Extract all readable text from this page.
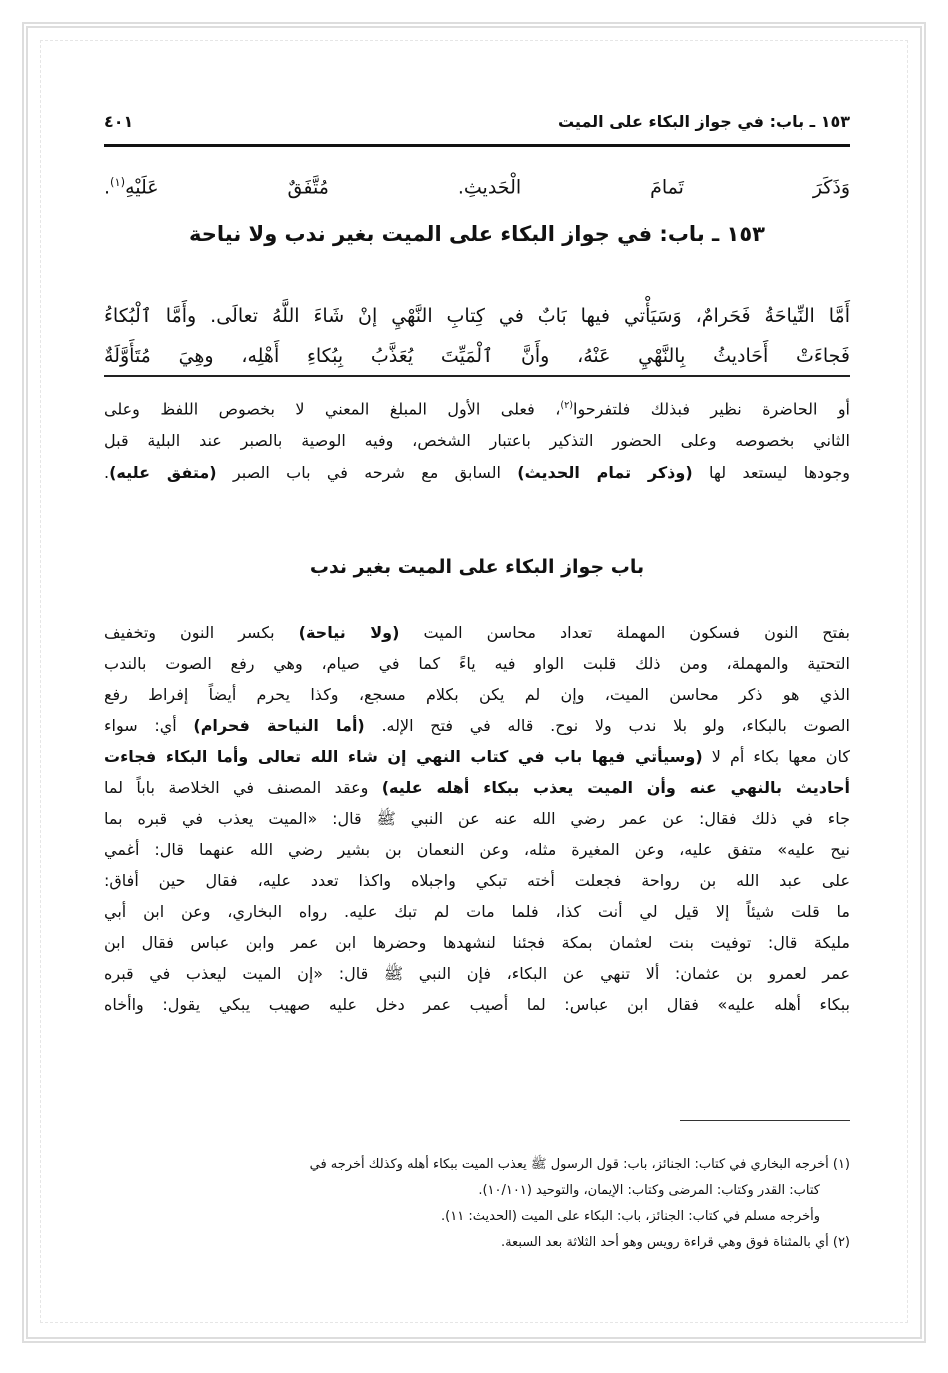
١٥٣ ـ باب: في جواز البكاء على الميت
٤٠١
وَذَكَرَ تَمامَ الْحَديثِ. مُتَّفَقٌ عَلَيْهِ$^{(١)}$.
١٥٣ ـ باب: في جواز البكاء على الميت بغير ندب ولا نياحة
أَمَّا النِّياحَةُ فَحَرامٌ، وَسَيَأْتي فيها بَابٌ في كِتابِ النَّهْيِ إنْ شَاءَ اللَّهُ تعالَى. وأَمَّا ٱلْبُكاءُ
فَجاءَتْ أَحَاديثُ بِالنَّهْيِ عَنْهُ، وأَنَّ ٱلْمَيِّتَ يُعَذَّبُ بِبُكاءِ أَهْلِه، وهِيَ مُتَأَوَّلَةٌ
أو الحاضرة نظير فبذلك فلتفرحوا$^{(٢)}$، فعلى الأول المبلغ المعني لا بخصوص اللفظ وعلى
الثاني بخصوصه وعلى الحضور التذكير باعتبار الشخص، وفيه الوصية بالصبر عند البلية قبل
وجودها ليستعد لها (وذكر تمام الحديث) السابق مع شرحه في باب الصبر (متفق عليه).
باب جواز البكاء على الميت بغير ندب
بفتح النون فسكون المهملة تعداد محاسن الميت (ولا نياحة) بكسر النون وتخفيف
التحتية والمهملة، ومن ذلك قلبت الواو فيه ياءً كما في صيام، وهي رفع الصوت بالندب
الذي هو ذكر محاسن الميت، وإن لم يكن بكلام مسجع، وكذا يحرم أيضاً إفراط رفع
الصوت بالبكاء، ولو بلا ندب ولا نوح. قاله في فتح الإله. (أما النياحة فحرام) أي: سواء
كان معها بكاء أم لا (وسيأتي فيها باب في كتاب النهي إن شاء الله تعالى وأما البكاء فجاءت
أحاديث بالنهي عنه وأن الميت يعذب ببكاء أهله عليه) وعقد المصنف في الخلاصة باباً لما
جاء في ذلك فقال: عن عمر رضي الله عنه عن النبي ﷺ قال: «الميت يعذب في قبره بما
نيح عليه» متفق عليه، وعن المغيرة مثله، وعن النعمان بن بشير رضي الله عنهما قال: أغمي
على عبد الله بن رواحة فجعلت أخته تبكي واجبلاه واكذا تعدد عليه، فقال حين أفاق:
ما قلت شيئاً إلا قيل لي أنت كذا، فلما مات لم تبك عليه. رواه البخاري، وعن ابن أبي
مليكة قال: توفيت بنت لعثمان بمكة فجئنا لنشهدها وحضرها ابن عمر وابن عباس فقال ابن
عمر لعمرو بن عثمان: ألا تنهي عن البكاء، فإن النبي ﷺ قال: «إن الميت ليعذب في قبره
ببكاء أهله عليه» فقال ابن عباس: لما أصيب عمر دخل عليه صهيب يبكي يقول: واأخاه
(١) أخرجه البخاري في كتاب: الجنائز، باب: قول الرسول ﷺ يعذب الميت ببكاء أهله وكذلك أخرجه في
كتاب: القدر وكتاب: المرضى وكتاب: الإيمان، والتوحيد (١٠/١٠١).
وأخرجه مسلم في كتاب: الجنائز، باب: البكاء على الميت (الحديث: ١١).
(٢) أي بالمثناة فوق وهي قراءة رويس وهو أحد الثلاثة بعد السبعة.
